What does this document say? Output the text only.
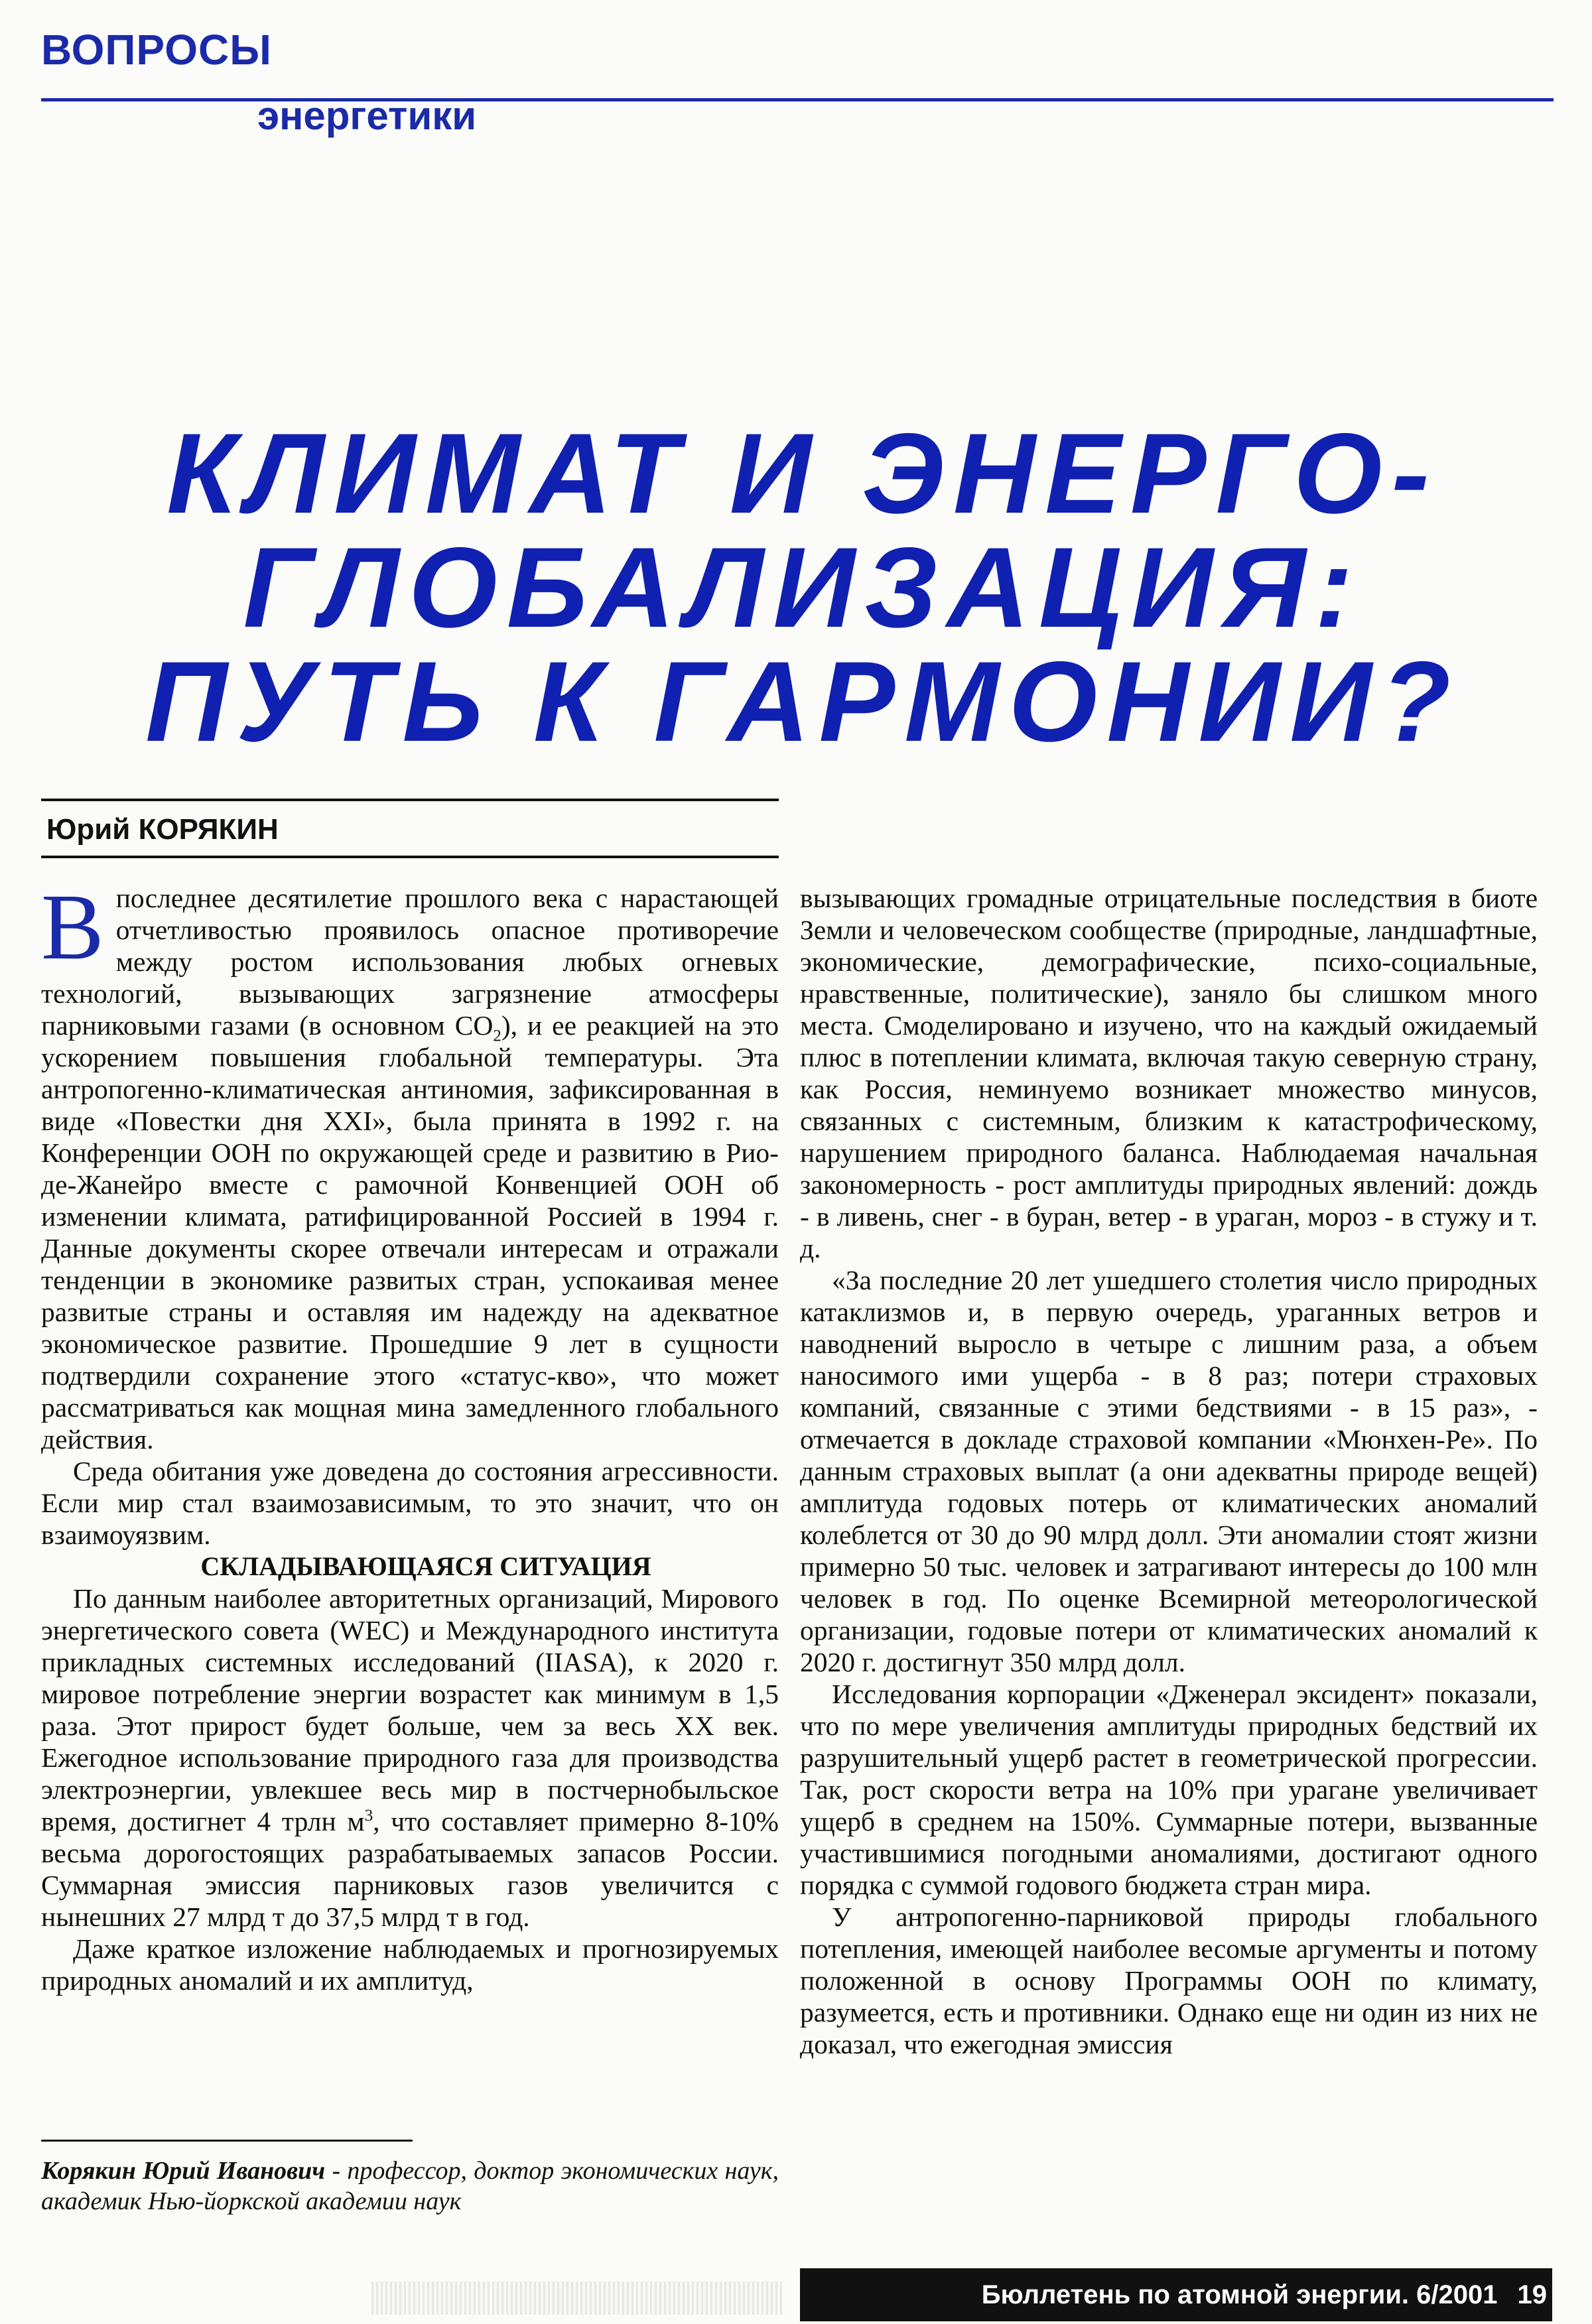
ВОПРОСЫ
энергетики
КЛИМАТ И ЭНЕРГО-
ГЛОБАЛИЗАЦИЯ:
ПУТЬ К ГАРМОНИИ?
Юрий КОРЯКИН

Впоследнее десятилетие прошлого века с нарастающей отчетливостью проявилось опасное противоречие между ростом использования любых огневых технологий, вызывающих загрязнение атмосферы парниковыми газами (в основном $CO_2$), и ее реакцией на это ускорением повышения глобальной температуры. Эта антропогенно-климатическая антиномия, зафиксированная в виде «Повестки дня XXI», была принята в 1992 г. на Конференции ООН по окружающей среде и развитию в Рио-де-Жанейро вместе с рамочной Конвенцией ООН об изменении климата, ратифицированной Россией в 1994 г. Данные документы скорее отвечали интересам и отражали тенденции в экономике развитых стран, успокаивая менее развитые страны и оставляя им надежду на адекватное экономическое развитие. Прошедшие 9 лет в сущности подтвердили сохранение этого «статус-кво», что может рассматриваться как мощная мина замедленного глобального действия.

Среда обитания уже доведена до состояния агрессивности. Если мир стал взаимозависимым, то это значит, что он взаимоуязвим.

СКЛАДЫВАЮЩАЯСЯ СИТУАЦИЯ

По данным наиболее авторитетных организаций, Мирового энергетического совета (WEC) и Международного института прикладных системных исследований (IIASA), к 2020 г. мировое потребление энергии возрастет как минимум в 1,5 раза. Этот прирост будет больше, чем за весь XX век. Ежегодное использование природного газа для производства электроэнергии, увлекшее весь мир в постчернобыльское время, достигнет 4 трлн $м^3$, что составляет примерно 8-10% весьма дорогостоящих разрабатываемых запасов России. Суммарная эмиссия парниковых газов увеличится с нынешних 27 млрд т до 37,5 млрд т в год.

Даже краткое изложение наблюдаемых и прогнозируемых природных аномалий и их амплитуд,

вызывающих громадные отрицательные последствия в биоте Земли и человеческом сообществе (природные, ландшафтные, экономические, демографические, психо-социальные, нравственные, политические), заняло бы слишком много места. Смоделировано и изучено, что на каждый ожидаемый плюс в потеплении климата, включая такую северную страну, как Россия, неминуемо возникает множество минусов, связанных с системным, близким к катастрофическому, нарушением природного баланса. Наблюдаемая начальная закономерность - рост амплитуды природных явлений: дождь - в ливень, снег - в буран, ветер - в ураган, мороз - в стужу и т. д.

«За последние 20 лет ушедшего столетия число природных катаклизмов и, в первую очередь, ураганных ветров и наводнений выросло в четыре с лишним раза, а объем наносимого ими ущерба - в 8 раз; потери страховых компаний, связанные с этими бедствиями - в 15 раз», - отмечается в докладе страховой компании «Мюнхен-Ре». По данным страховых выплат (а они адекватны природе вещей) амплитуда годовых потерь от климатических аномалий колеблется от 30 до 90 млрд долл. Эти аномалии стоят жизни примерно 50 тыс. человек и затрагивают интересы до 100 млн человек в год. По оценке Всемирной метеорологической организации, годовые потери от климатических аномалий к 2020 г. достигнут 350 млрд долл.

Исследования корпорации «Дженерал эксидент» показали, что по мере увеличения амплитуды природных бедствий их разрушительный ущерб растет в геометрической прогрессии. Так, рост скорости ветра на 10% при урагане увеличивает ущерб в среднем на 150%. Суммарные потери, вызванные участившимися погодными аномалиями, достигают одного порядка с суммой годового бюджета стран мира.

У антропогенно-парниковой природы глобального потепления, имеющей наиболее весомые аргументы и потому положенной в основу Программы ООН по климату, разумеется, есть и противники. Однако еще ни один из них не доказал, что ежегодная эмиссия

Корякин Юрий Иванович - профессор, доктор экономических наук, академик Нью-йоркской академии наук
Бюллетень по атомной энергии. 6/2001 19
